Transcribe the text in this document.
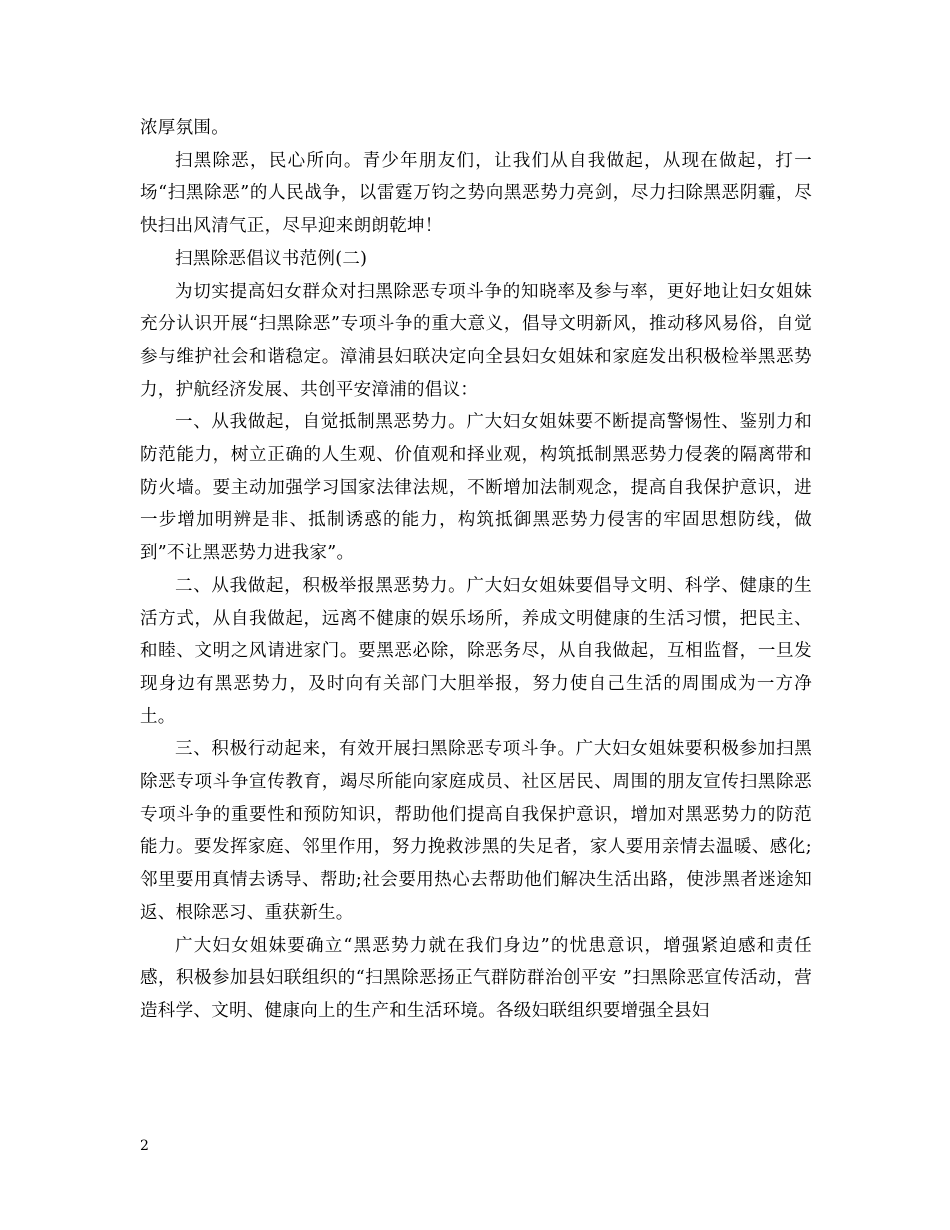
浓厚氛围。

扫黑除恶，民心所向。青少年朋友们，让我们从自我做起，从现在做起，打一场“扫黑除恶”的人民战争，以雷霆万钧之势向黑恶势力亮剑，尽力扫除黑恶阴霾，尽快扫出风清气正，尽早迎来朗朗乾坤！

扫黑除恶倡议书范例(二)

为切实提高妇女群众对扫黑除恶专项斗争的知晓率及参与率，更好地让妇女姐妹充分认识开展“扫黑除恶”专项斗争的重大意义，倡导文明新风，推动移风易俗，自觉参与维护社会和谐稳定。漳浦县妇联决定向全县妇女姐妹和家庭发出积极检举黑恶势力，护航经济发展、共创平安漳浦的倡议：

一、从我做起，自觉抵制黑恶势力。广大妇女姐妹要不断提高警惕性、鉴别力和防范能力，树立正确的人生观、价值观和择业观，构筑抵制黑恶势力侵袭的隔离带和防火墙。要主动加强学习国家法律法规，不断增加法制观念，提高自我保护意识，进一步增加明辨是非、抵制诱惑的能力，构筑抵御黑恶势力侵害的牢固思想防线，做到”不让黑恶势力进我家”。

二、从我做起，积极举报黑恶势力。广大妇女姐妹要倡导文明、科学、健康的生活方式，从自我做起，远离不健康的娱乐场所，养成文明健康的生活习惯，把民主、和睦、文明之风请进家门。要黑恶必除，除恶务尽，从自我做起，互相监督，一旦发现身边有黑恶势力，及时向有关部门大胆举报，努力使自己生活的周围成为一方净土。

三、积极行动起来，有效开展扫黑除恶专项斗争。广大妇女姐妹要积极参加扫黑除恶专项斗争宣传教育，竭尽所能向家庭成员、社区居民、周围的朋友宣传扫黑除恶专项斗争的重要性和预防知识，帮助他们提高自我保护意识，增加对黑恶势力的防范能力。要发挥家庭、邻里作用，努力挽救涉黑的失足者，家人要用亲情去温暖、感化;邻里要用真情去诱导、帮助;社会要用热心去帮助他们解决生活出路，使涉黑者迷途知返、根除恶习、重获新生。

广大妇女姐妹要确立“黑恶势力就在我们身边”的忧患意识，增强紧迫感和责任感，积极参加县妇联组织的“扫黑除恶扬正气群防群治创平安 ”扫黑除恶宣传活动，营造科学、文明、健康向上的生产和生活环境。各级妇联组织要增强全县妇

2
